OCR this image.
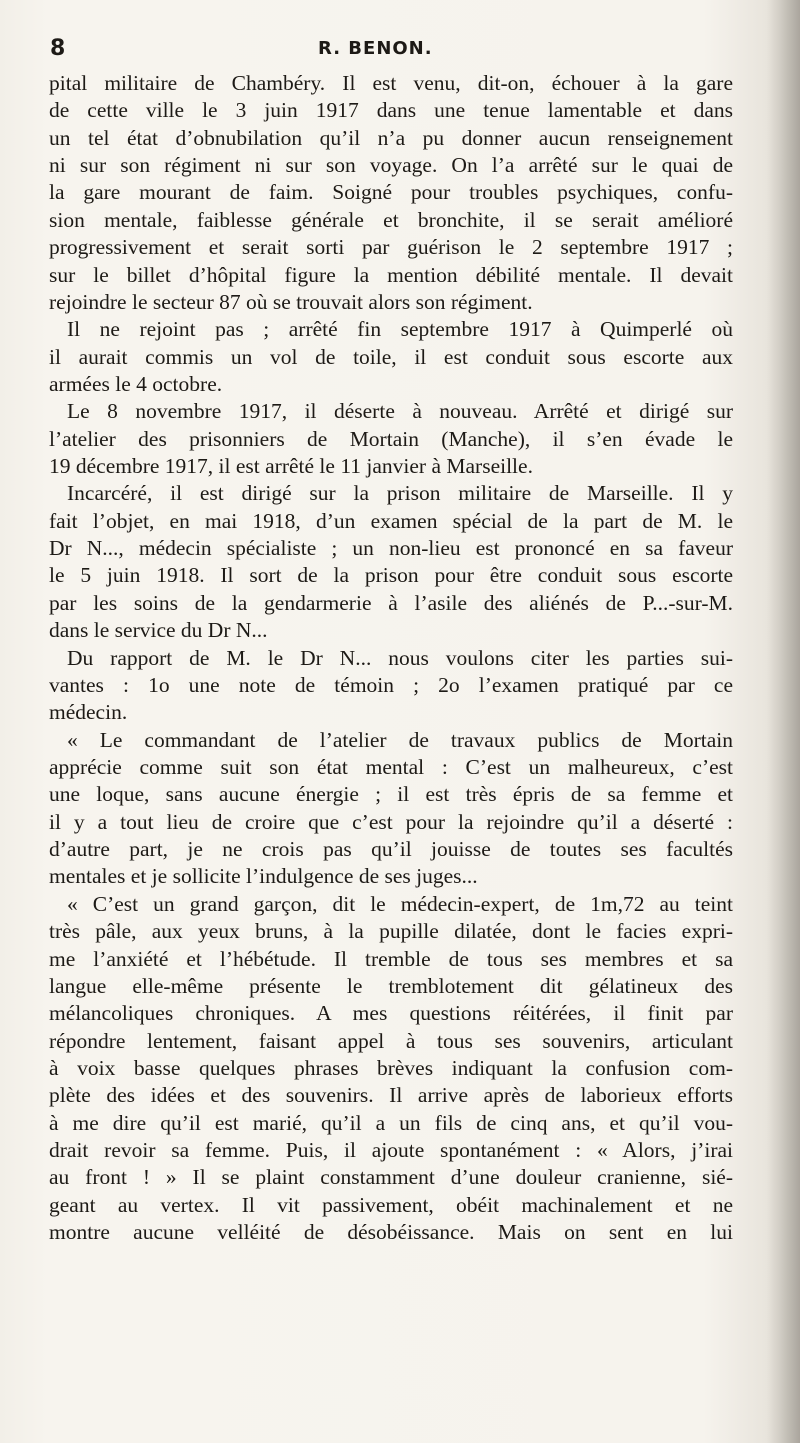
8	R. BENON.
pital militaire de Chambéry. Il est venu, dit-on, échouer à la gare
de cette ville le 3 juin 1917 dans une tenue lamentable et dans
un tel état d’obnubilation qu’il n’a pu donner aucun renseignement
ni sur son régiment ni sur son voyage. On l’a arrêté sur le quai de
la gare mourant de faim. Soigné pour troubles psychiques, confu-
sion mentale, faiblesse générale et bronchite, il se serait amélioré
progressivement et serait sorti par guérison le 2 septembre 1917 ;
sur le billet d’hôpital figure la mention débilité mentale. Il devait
rejoindre le secteur 87 où se trouvait alors son régiment.
Il ne rejoint pas ; arrêté fin septembre 1917 à Quimperlé où
il aurait commis un vol de toile, il est conduit sous escorte aux
armées le 4 octobre.
Le 8 novembre 1917, il déserte à nouveau. Arrêté et dirigé sur
l’atelier des prisonniers de Mortain (Manche), il s’en évade le
19 décembre 1917, il est arrêté le 11 janvier à Marseille.
Incarcéré, il est dirigé sur la prison militaire de Marseille. Il y
fait l’objet, en mai 1918, d’un examen spécial de la part de M. le
Dr N..., médecin spécialiste ; un non-lieu est prononcé en sa faveur
le 5 juin 1918. Il sort de la prison pour être conduit sous escorte
par les soins de la gendarmerie à l’asile des aliénés de P...-sur-M.
dans le service du Dr N...
Du rapport de M. le Dr N... nous voulons citer les parties sui-
vantes : 1o une note de témoin ; 2o l’examen pratiqué par ce
médecin.
« Le commandant de l’atelier de travaux publics de Mortain
apprécie comme suit son état mental : C’est un malheureux, c’est
une loque, sans aucune énergie ; il est très épris de sa femme et
il y a tout lieu de croire que c’est pour la rejoindre qu’il a déserté :
d’autre part, je ne crois pas qu’il jouisse de toutes ses facultés
mentales et je sollicite l’indulgence de ses juges...
« C’est un grand garçon, dit le médecin-expert, de 1m,72 au teint
très pâle, aux yeux bruns, à la pupille dilatée, dont le facies expri-
me l’anxiété et l’hébétude. Il tremble de tous ses membres et sa
langue elle-même présente le tremblotement dit gélatineux des
mélancoliques chroniques. A mes questions réitérées, il finit par
répondre lentement, faisant appel à tous ses souvenirs, articulant
à voix basse quelques phrases brèves indiquant la confusion com-
plète des idées et des souvenirs. Il arrive après de laborieux efforts
à me dire qu’il est marié, qu’il a un fils de cinq ans, et qu’il vou-
drait revoir sa femme. Puis, il ajoute spontanément : « Alors, j’irai
au front ! » Il se plaint constamment d’une douleur cranienne, sié-
geant au vertex. Il vit passivement, obéit machinalement et ne
montre aucune velléité de désobéissance. Mais on sent en lui
